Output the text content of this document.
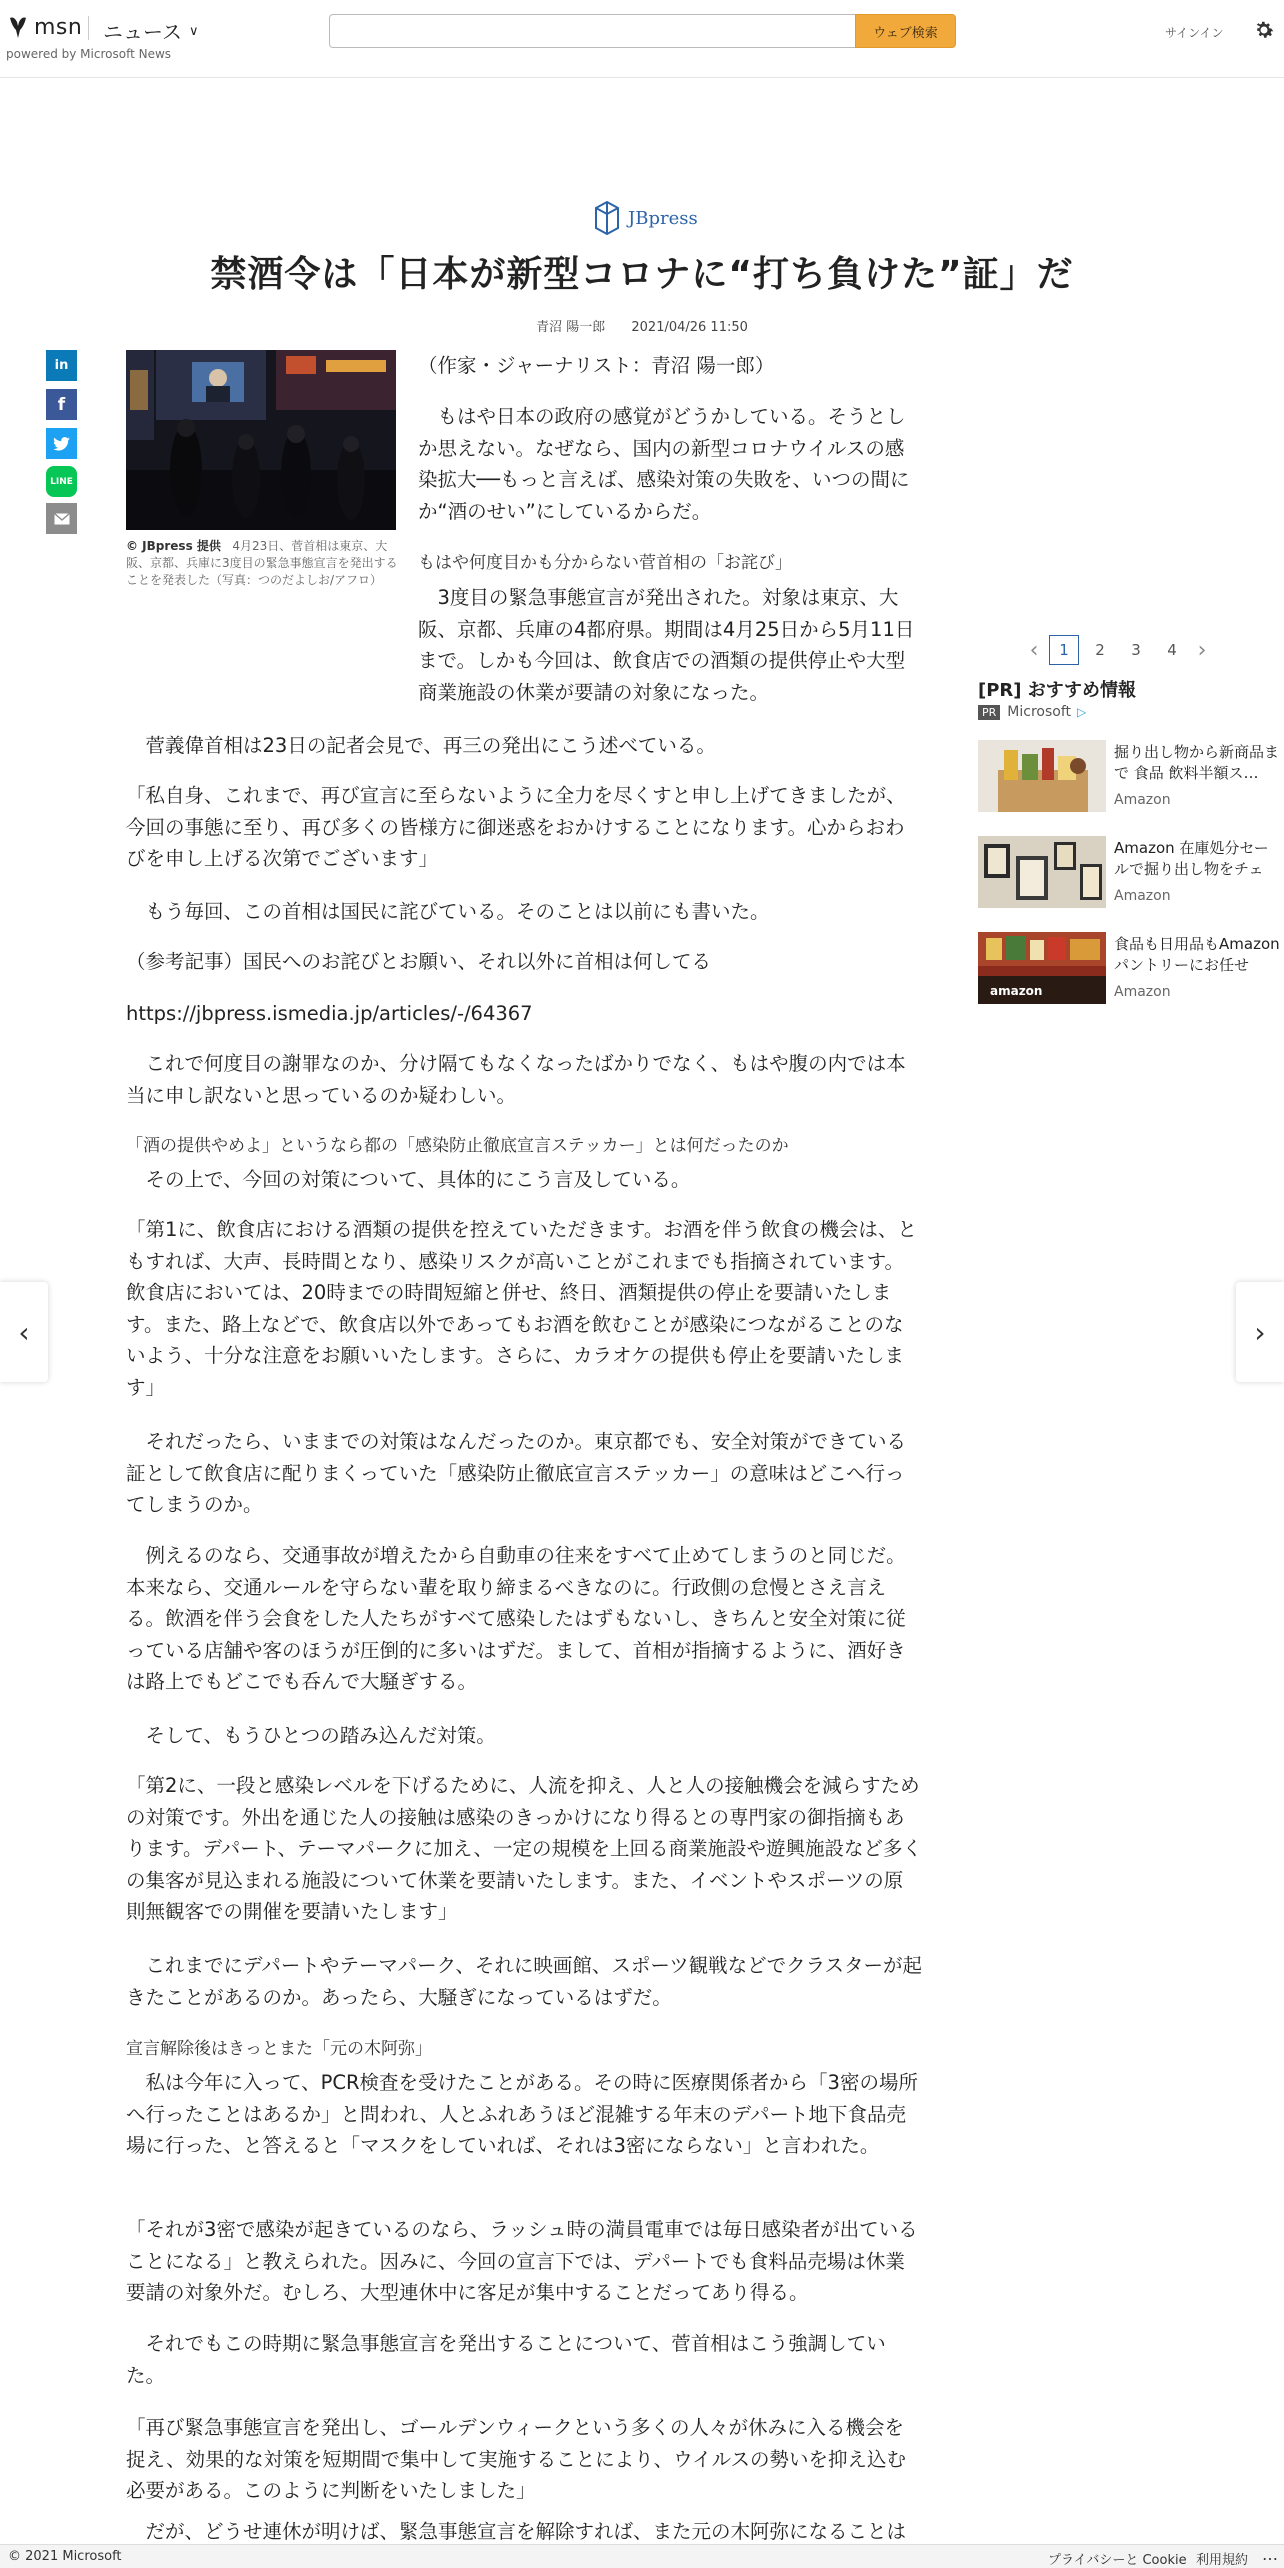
msn ニュース ∨
powered by Microsoft News
ウェブ検索	サインイン
JBpress
禁酒令は「日本が新型コロナに“打ち負けた”証」だ
青沼 陽一郎 2021/04/26 11:50
in
f
LINE
© JBpress 提供 4月23日、菅首相は東京、大阪、京都、兵庫に3度目の緊急事態宣言を発出することを発表した（写真：つのだよしお/アフロ）

（作家・ジャーナリスト：青沼 陽一郎）

もはや日本の政府の感覚がどうかしている。そうとしか思えない。なぜなら、国内の新型コロナウイルスの感染拡大──もっと言えば、感染対策の失敗を、いつの間にか“酒のせい”にしているからだ。

もはや何度目かも分からない菅首相の「お詫び」

3度目の緊急事態宣言が発出された。対象は東京、大阪、京都、兵庫の4都府県。期間は4月25日から5月11日まで。しかも今回は、飲食店での酒類の提供停止や大型商業施設の休業が要請の対象になった。

菅義偉首相は23日の記者会見で、再三の発出にこう述べている。

「私自身、これまで、再び宣言に至らないように全力を尽くすと申し上げてきましたが、今回の事態に至り、再び多くの皆様方に御迷惑をおかけすることになります。心からおわびを申し上げる次第でございます」

もう毎回、この首相は国民に詫びている。そのことは以前にも書いた。

（参考記事）国民へのお詫びとお願い、それ以外に首相は何してる

https://jbpress.ismedia.jp/articles/-/64367

これで何度目の謝罪なのか、分け隔てもなくなったばかりでなく、もはや腹の内では本当に申し訳ないと思っているのか疑わしい。

「酒の提供やめよ」というなら都の「感染防止徹底宣言ステッカー」とは何だったのか

その上で、今回の対策について、具体的にこう言及している。

「第1に、飲食店における酒類の提供を控えていただきます。お酒を伴う飲食の機会は、ともすれば、大声、長時間となり、感染リスクが高いことがこれまでも指摘されています。飲食店においては、20時までの時間短縮と併せ、終日、酒類提供の停止を要請いたします。また、路上などで、飲食店以外であってもお酒を飲むことが感染につながることのないよう、十分な注意をお願いいたします。さらに、カラオケの提供も停止を要請いたします」

それだったら、いままでの対策はなんだったのか。東京都でも、安全対策ができている証として飲食店に配りまくっていた「感染防止徹底宣言ステッカー」の意味はどこへ行ってしまうのか。

例えるのなら、交通事故が増えたから自動車の往来をすべて止めてしまうのと同じだ。本来なら、交通ルールを守らない輩を取り締まるべきなのに。行政側の怠慢とさえ言える。飲酒を伴う会食をした人たちがすべて感染したはずもないし、きちんと安全対策に従っている店舗や客のほうが圧倒的に多いはずだ。まして、首相が指摘するように、酒好きは路上でもどこでも呑んで大騒ぎする。

そして、もうひとつの踏み込んだ対策。

「第2に、一段と感染レベルを下げるために、人流を抑え、人と人の接触機会を減らすための対策です。外出を通じた人の接触は感染のきっかけになり得るとの専門家の御指摘もあります。デパート、テーマパークに加え、一定の規模を上回る商業施設や遊興施設など多くの集客が見込まれる施設について休業を要請いたします。また、イベントやスポーツの原則無観客での開催を要請いたします」

これまでにデパートやテーマパーク、それに映画館、スポーツ観戦などでクラスターが起きたことがあるのか。あったら、大騒ぎになっているはずだ。

宣言解除後はきっとまた「元の木阿弥」

私は今年に入って、PCR検査を受けたことがある。その時に医療関係者から「3密の場所へ行ったことはあるか」と問われ、人とふれあうほど混雑する年末のデパート地下食品売場に行った、と答えると「マスクをしていれば、それは3密にならない」と言われた。

「それが3密で感染が起きているのなら、ラッシュ時の満員電車では毎日感染者が出ていることになる」と教えられた。因みに、今回の宣言下では、デパートでも食料品売場は休業要請の対象外だ。むしろ、大型連休中に客足が集中することだってあり得る。

それでもこの時期に緊急事態宣言を発出することについて、菅首相はこう強調していた。

「再び緊急事態宣言を発出し、ゴールデンウィークという多くの人々が休みに入る機会を捉え、効果的な対策を短期間で集中して実施することにより、ウイルスの勢いを抑え込む必要がある。このように判断をいたしました」

だが、どうせ連休が明けば、緊急事態宣言を解除すれば、また元の木阿弥になることは

‹	1	2	3	4 ›
[PR] おすすめ情報
PR Microsoft ▷
掘り出し物から新商品まで 食品 飲料半額ス…
Amazon
Amazon 在庫処分セールで掘り出し物をチェ
Amazon
amazon
食品も日用品もAmazon パントリーにお任せ
Amazon
‹	›
© 2021 Microsoft	プライバシーと Cookie 利用規約 …
